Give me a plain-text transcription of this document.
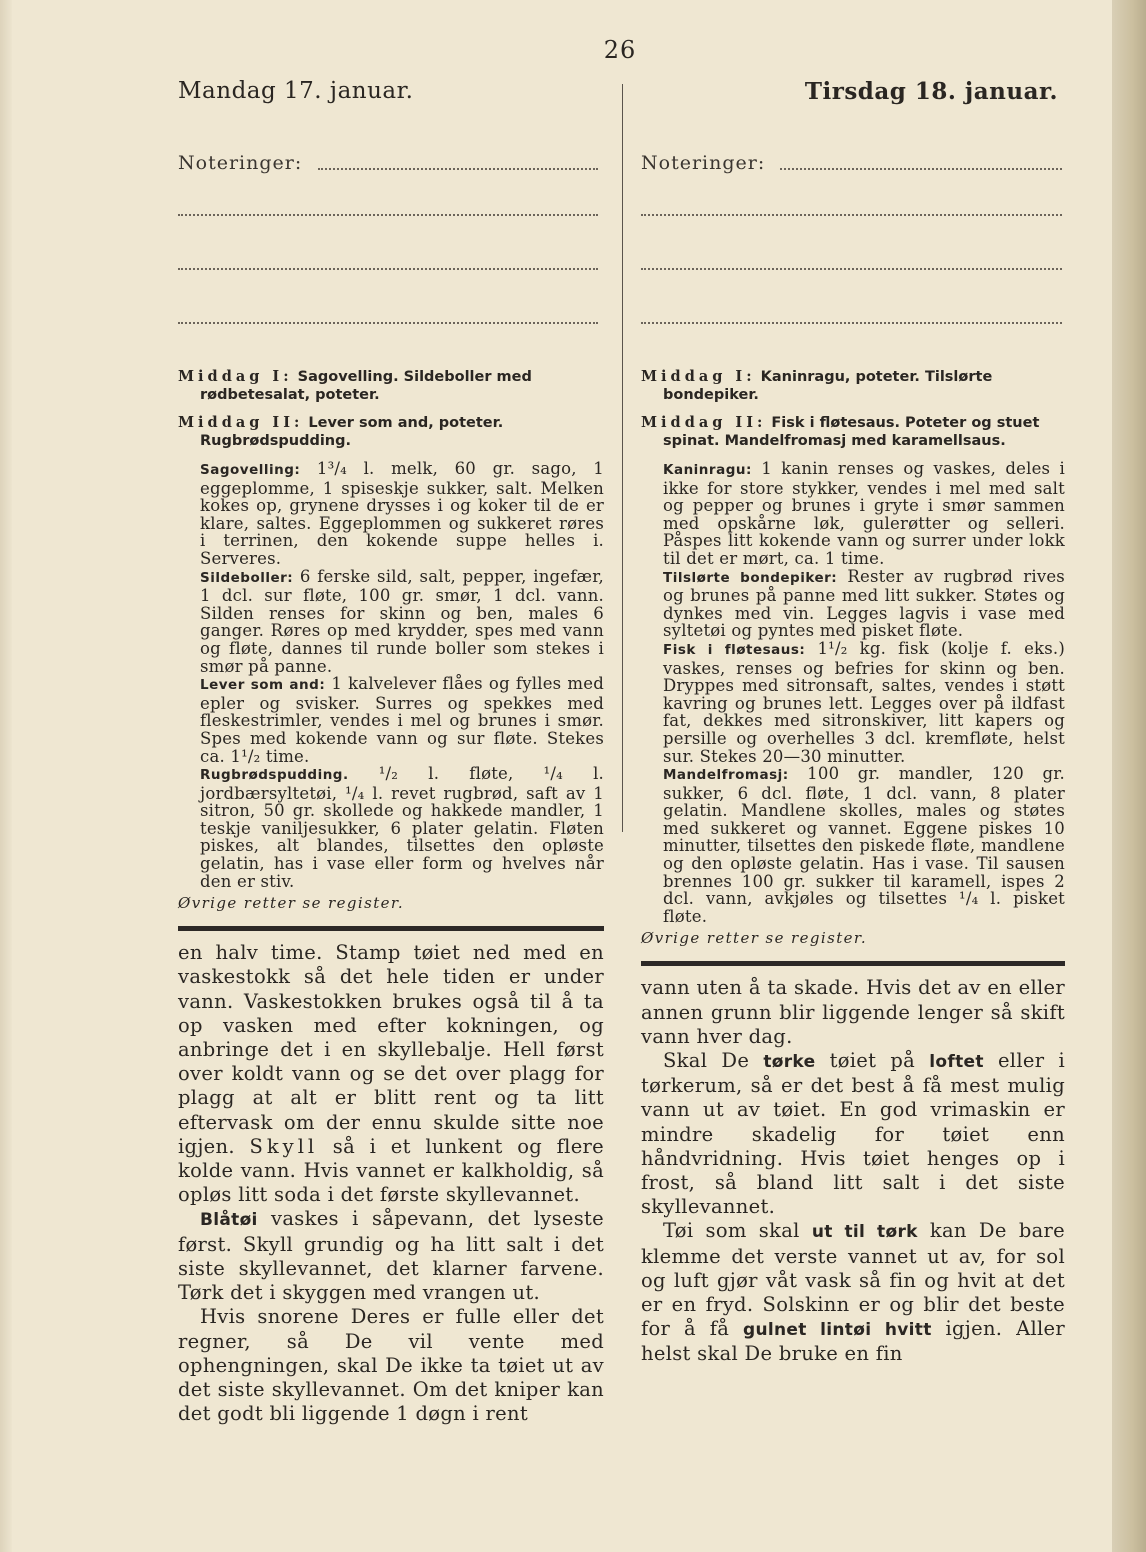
26
Mandag 17. januar.	Tirsdag 18. januar.
Noteringer:	Noteringer:
Middag I: Sagovelling. Sildeboller med rødbetesalat, poteter.
Middag II: Lever som and, poteter. Rugbrødspudding.
Sagovelling: 1³/₄ l. melk, 60 gr. sago, 1 eggeplomme, 1 spiseskje sukker, salt. Melken kokes op, grynene drysses i og koker til de er klare, saltes. Eggeplommen og sukkeret røres i terrinen, den kokende suppe helles i. Serveres.
Sildeboller: 6 ferske sild, salt, pepper, ingefær, 1 dcl. sur fløte, 100 gr. smør, 1 dcl. vann. Silden renses for skinn og ben, males 6 ganger. Røres op med krydder, spes med vann og fløte, dannes til runde boller som stekes i smør på panne.
Lever som and: 1 kalvelever flåes og fylles med epler og svisker. Surres og spekkes med fleskestrimler, vendes i mel og brunes i smør. Spes med kokende vann og sur fløte. Stekes ca. 1¹/₂ time.
Rugbrødspudding. ¹/₂ l. fløte, ¹/₄ l. jordbærsyltetøi, ¹/₄ l. revet rugbrød, saft av 1 sitron, 50 gr. skollede og hakkede mandler, 1 teskje vaniljesukker, 6 plater gelatin. Fløten piskes, alt blandes, tilsettes den opløste gelatin, has i vase eller form og hvelves når den er stiv.
Øvrige retter se register.

en halv time. Stamp tøiet ned med en vaskestokk så det hele tiden er under vann. Vaskestokken brukes også til å ta op vasken med efter kokningen, og anbringe det i en skyllebalje. Hell først over koldt vann og se det over plagg for plagg at alt er blitt rent og ta litt eftervask om der ennu skulde sitte noe igjen. Skyll så i et lunkent og flere kolde vann. Hvis vannet er kalkholdig, så opløs litt soda i det første skyllevannet.

Blåtøi vaskes i såpevann, det lyseste først. Skyll grundig og ha litt salt i det siste skyllevannet, det klarner farvene. Tørk det i skyggen med vrangen ut.

Hvis snorene Deres er fulle eller det regner, så De vil vente med ophengningen, skal De ikke ta tøiet ut av det siste skyllevannet. Om det kniper kan det godt bli liggende 1 døgn i rent

Middag I: Kaninragu, poteter. Tilslørte bondepiker.
Middag II: Fisk i fløtesaus. Poteter og stuet spinat. Mandelfromasj med karamellsaus.
Kaninragu: 1 kanin renses og vaskes, deles i ikke for store stykker, vendes i mel med salt og pepper og brunes i gryte i smør sammen med opskårne løk, gulerøtter og selleri. Påspes litt kokende vann og surrer under lokk til det er mørt, ca. 1 time.
Tilslørte bondepiker: Rester av rugbrød rives og brunes på panne med litt sukker. Støtes og dynkes med vin. Legges lagvis i vase med syltetøi og pyntes med pisket fløte.
Fisk i fløtesaus: 1¹/₂ kg. fisk (kolje f. eks.) vaskes, renses og befries for skinn og ben. Dryppes med sitronsaft, saltes, vendes i støtt kavring og brunes lett. Legges over på ildfast fat, dekkes med sitronskiver, litt kapers og persille og overhelles 3 dcl. kremfløte, helst sur. Stekes 20—30 minutter.
Mandelfromasj: 100 gr. mandler, 120 gr. sukker, 6 dcl. fløte, 1 dcl. vann, 8 plater gelatin. Mandlene skolles, males og støtes med sukkeret og vannet. Eggene piskes 10 minutter, tilsettes den piskede fløte, mandlene og den opløste gelatin. Has i vase. Til sausen brennes 100 gr. sukker til karamell, ispes 2 dcl. vann, avkjøles og tilsettes ¹/₄ l. pisket fløte.
Øvrige retter se register.

vann uten å ta skade. Hvis det av en eller annen grunn blir liggende lenger så skift vann hver dag.

Skal De tørke tøiet på loftet eller i tørkerum, så er det best å få mest mulig vann ut av tøiet. En god vrimaskin er mindre skadelig for tøiet enn håndvridning. Hvis tøiet henges op i frost, så bland litt salt i det siste skyllevannet.

Tøi som skal ut til tørk kan De bare klemme det verste vannet ut av, for sol og luft gjør våt vask så fin og hvit at det er en fryd. Solskinn er og blir det beste for å få gulnet lintøi hvitt igjen. Aller helst skal De bruke en fin
